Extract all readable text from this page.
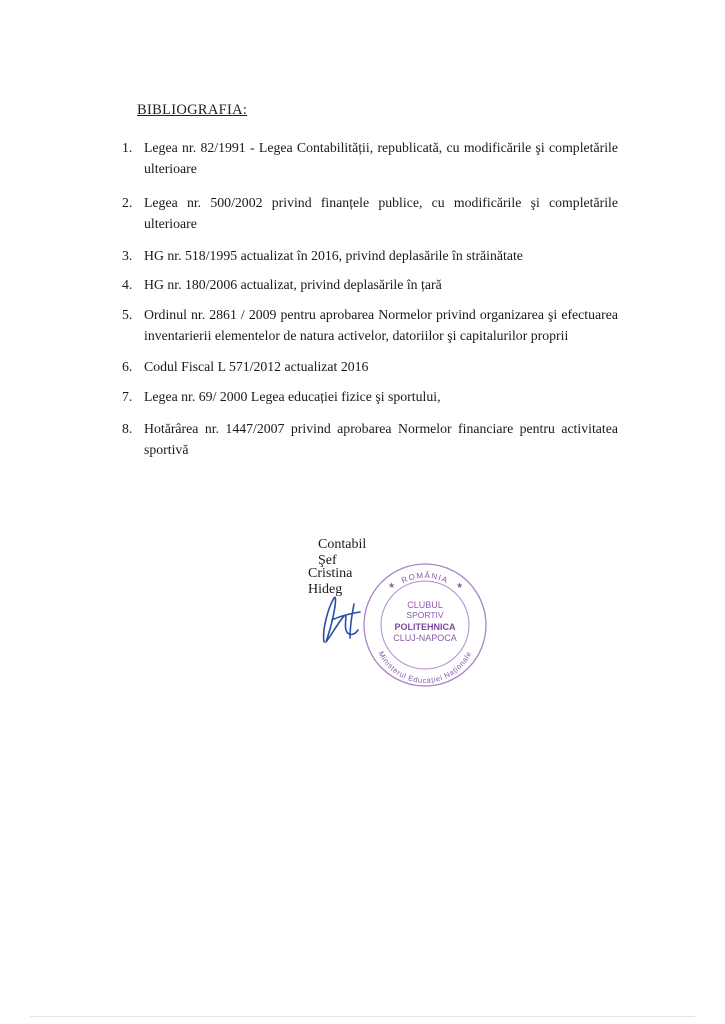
BIBLIOGRAFIA:
1. Legea nr. 82/1991 - Legea Contabilității, republicată, cu modificările şi completările
ulterioare
2. Legea nr. 500/2002 privind finanțele publice, cu modificările şi completările
ulterioare
3. HG nr. 518/1995 actualizat în 2016, privind deplasările în străinătate
4. HG nr. 180/2006 actualizat, privind deplasările în țară
5. Ordinul nr. 2861 / 2009 pentru aprobarea Normelor privind organizarea şi efectuarea
inventarierii elementelor de natura activelor, datoriilor şi capitalurilor proprii
6. Codul Fiscal L 571/2012 actualizat 2016
7. Legea nr. 69/ 2000 Legea educației fizice şi sportului,
8. Hotărârea nr. 1447/2007 privind aprobarea Normelor financiare pentru activitatea
sportivă
Contabil Şef
Cristina Hideg
ROMÂNIA
★	★
Ministerul Educației Naționale
CLUBUL
SPORTIV
POLITEHNICA
CLUJ-NAPOCA
